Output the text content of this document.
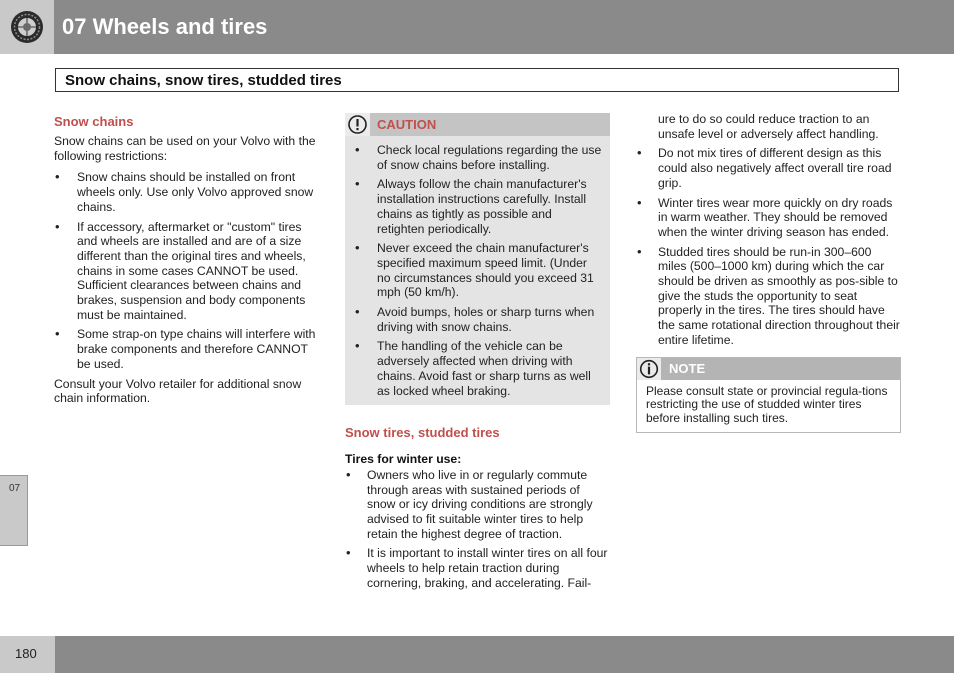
07 Wheels and tires
Snow chains, snow tires, studded tires
Snow chains

Snow chains can be used on your Volvo with the following restrictions:

• Snow chains should be installed on front wheels only. Use only Volvo approved snow chains.
• If accessory, aftermarket or "custom" tires and wheels are installed and are of a size different than the original tires and wheels, chains in some cases CANNOT be used. Sufficient clearances between chains and brakes, suspension and body components must be maintained.
• Some strap-on type chains will interfere with brake components and therefore CANNOT be used.

Consult your Volvo retailer for additional snow chain information.

CAUTION
• Check local regulations regarding the use of snow chains before installing.
• Always follow the chain manufacturer's installation instructions carefully. Install chains as tightly as possible and retighten periodically.
• Never exceed the chain manufacturer's specified maximum speed limit. (Under no circumstances should you exceed 31 mph (50 km/h).
• Avoid bumps, holes or sharp turns when driving with snow chains.
• The handling of the vehicle can be adversely affected when driving with chains. Avoid fast or sharp turns as well as locked wheel braking.
Snow tires, studded tires
Tires for winter use:
• Owners who live in or regularly commute through areas with sustained periods of snow or icy driving conditions are strongly advised to fit suitable winter tires to help retain the highest degree of traction.
• It is important to install winter tires on all four wheels to help retain traction during cornering, braking, and accelerating. Fail-

ure to do so could reduce traction to an unsafe level or adversely affect handling.

• Do not mix tires of different design as this could also negatively affect overall tire road grip.
• Winter tires wear more quickly on dry roads in warm weather. They should be removed when the winter driving season has ended.
• Studded tires should be run-in 300–600 miles (500–1000 km) during which the car should be driven as smoothly as pos-sible to give the studs the opportunity to seat properly in the tires. The tires should have the same rotational direction throughout their entire lifetime.
NOTE
Please consult state or provincial regula-tions restricting the use of studded winter tires before installing such tires.
07
180
